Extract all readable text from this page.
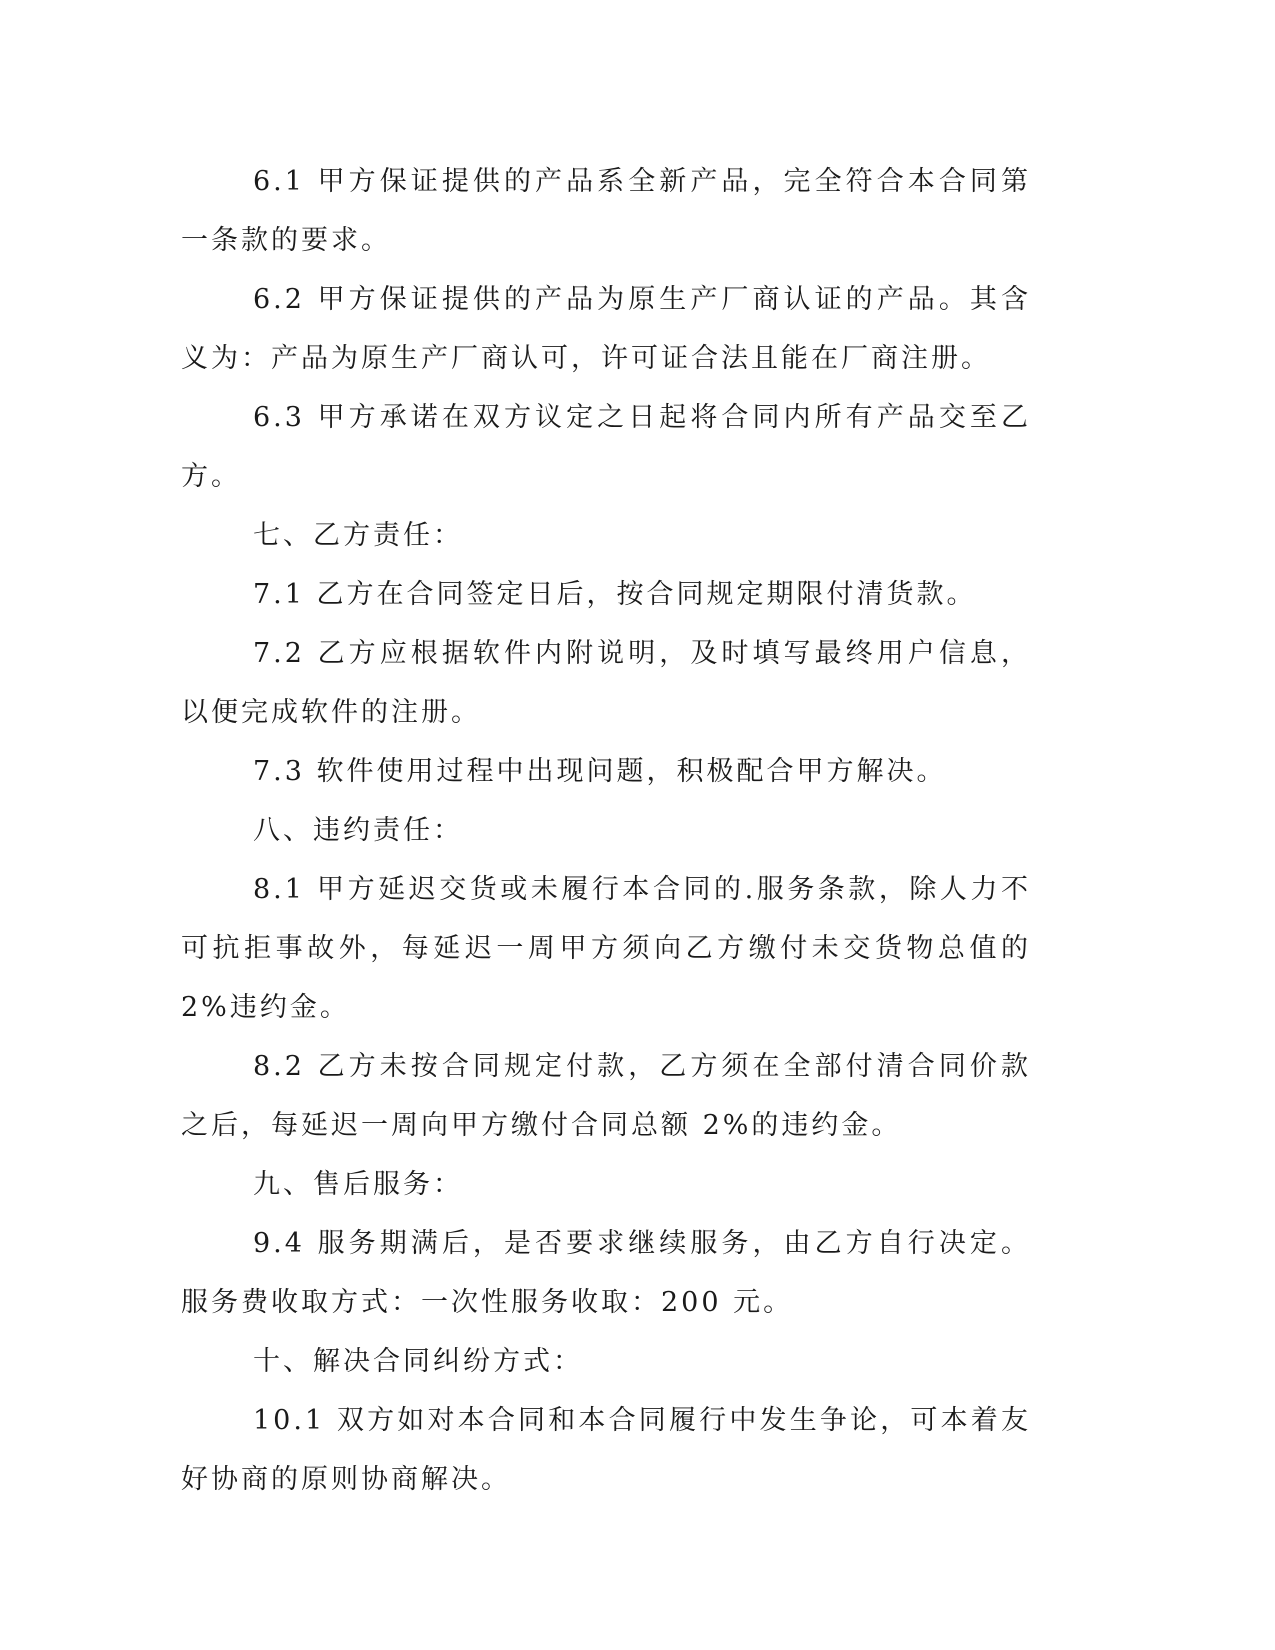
6.1 甲方保证提供的产品系全新产品，完全符合本合同第一条款的要求。

6.2 甲方保证提供的产品为原生产厂商认证的产品。其含义为：产品为原生产厂商认可，许可证合法且能在厂商注册。

6.3 甲方承诺在双方议定之日起将合同内所有产品交至乙方。

七、乙方责任：

7.1 乙方在合同签定日后，按合同规定期限付清货款。

7.2 乙方应根据软件内附说明，及时填写最终用户信息，以便完成软件的注册。

7.3 软件使用过程中出现问题，积极配合甲方解决。

八、违约责任：

8.1 甲方延迟交货或未履行本合同的.服务条款，除人力不可抗拒事故外，每延迟一周甲方须向乙方缴付未交货物总值的 2%违约金。

8.2 乙方未按合同规定付款，乙方须在全部付清合同价款之后，每延迟一周向甲方缴付合同总额 2%的违约金。

九、售后服务：

9.4 服务期满后，是否要求继续服务，由乙方自行决定。服务费收取方式：一次性服务收取：200 元。

十、解决合同纠纷方式：

10.1 双方如对本合同和本合同履行中发生争论，可本着友好协商的原则协商解决。
